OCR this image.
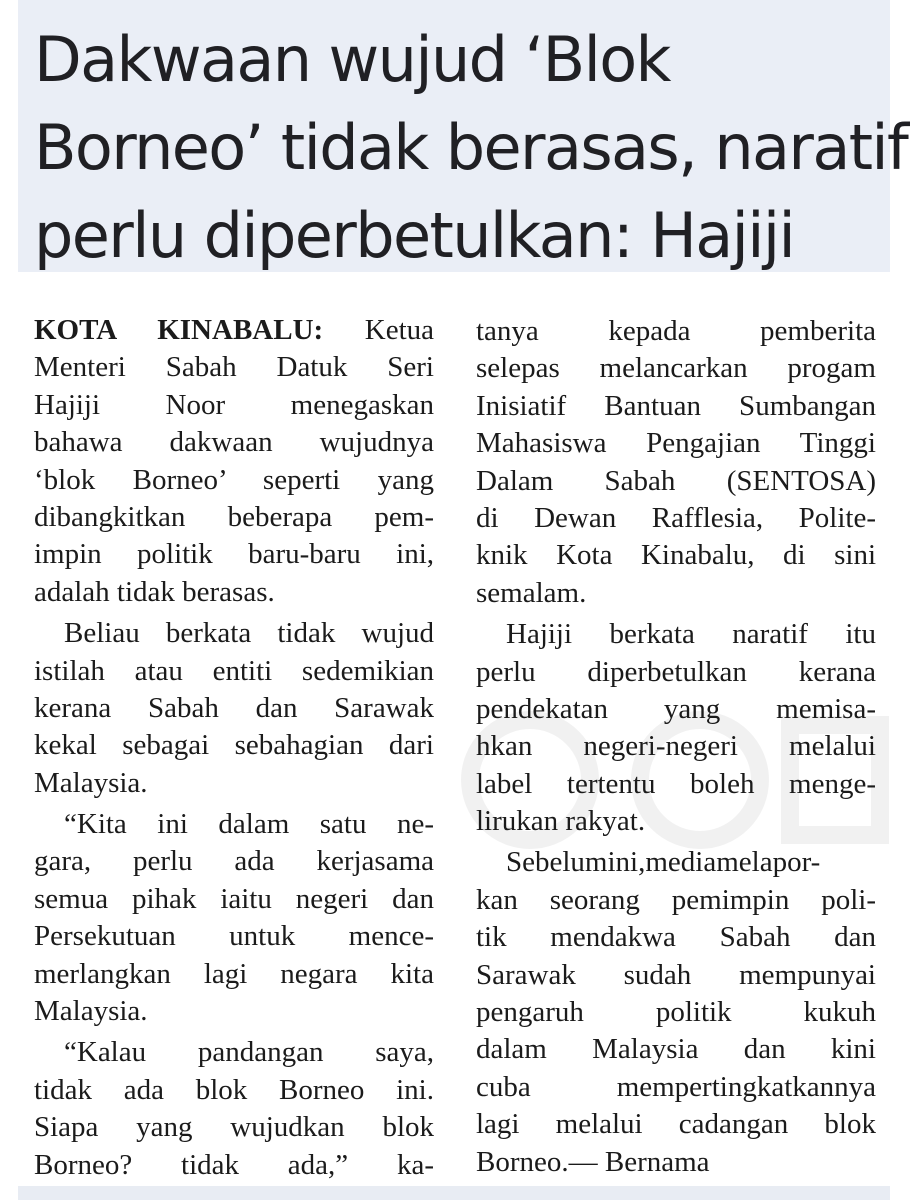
Dakwaan wujud ‘Blok
Borneo’ tidak berasas, naratif
perlu diperbetulkan: Hajiji
KOTA KINABALU: Ketua
Menteri Sabah Datuk Seri
Hajiji Noor menegaskan
bahawa dakwaan wujudnya
‘blok Borneo’ seperti yang
dibangkitkan beberapa pem-
impin politik baru-baru ini,
adalah tidak berasas.
Beliau berkata tidak wujud
istilah atau entiti sedemikian
kerana Sabah dan Sarawak
kekal sebagai sebahagian dari
Malaysia.
“Kita ini dalam satu ne-
gara, perlu ada kerjasama
semua pihak iaitu negeri dan
Persekutuan untuk mence-
merlangkan lagi negara kita
Malaysia.
“Kalau pandangan saya,
tidak ada blok Borneo ini.
Siapa yang wujudkan blok
Borneo? tidak ada,” ka-
tanya kepada pemberita
selepas melancarkan progam
Inisiatif Bantuan Sumbangan
Mahasiswa Pengajian Tinggi
Dalam Sabah (SENTOSA)
di Dewan Rafflesia, Polite-
knik Kota Kinabalu, di sini
semalam.
Hajiji berkata naratif itu
perlu diperbetulkan kerana
pendekatan yang memisa-
hkan negeri-negeri melalui
label tertentu boleh menge-
lirukan rakyat.
Sebelumini,mediamelapor-
kan seorang pemimpin poli-
tik mendakwa Sabah dan
Sarawak sudah mempunyai
pengaruh politik kukuh
dalam Malaysia dan kini
cuba mempertingkatkannya
lagi melalui cadangan blok
Borneo.— Bernama
